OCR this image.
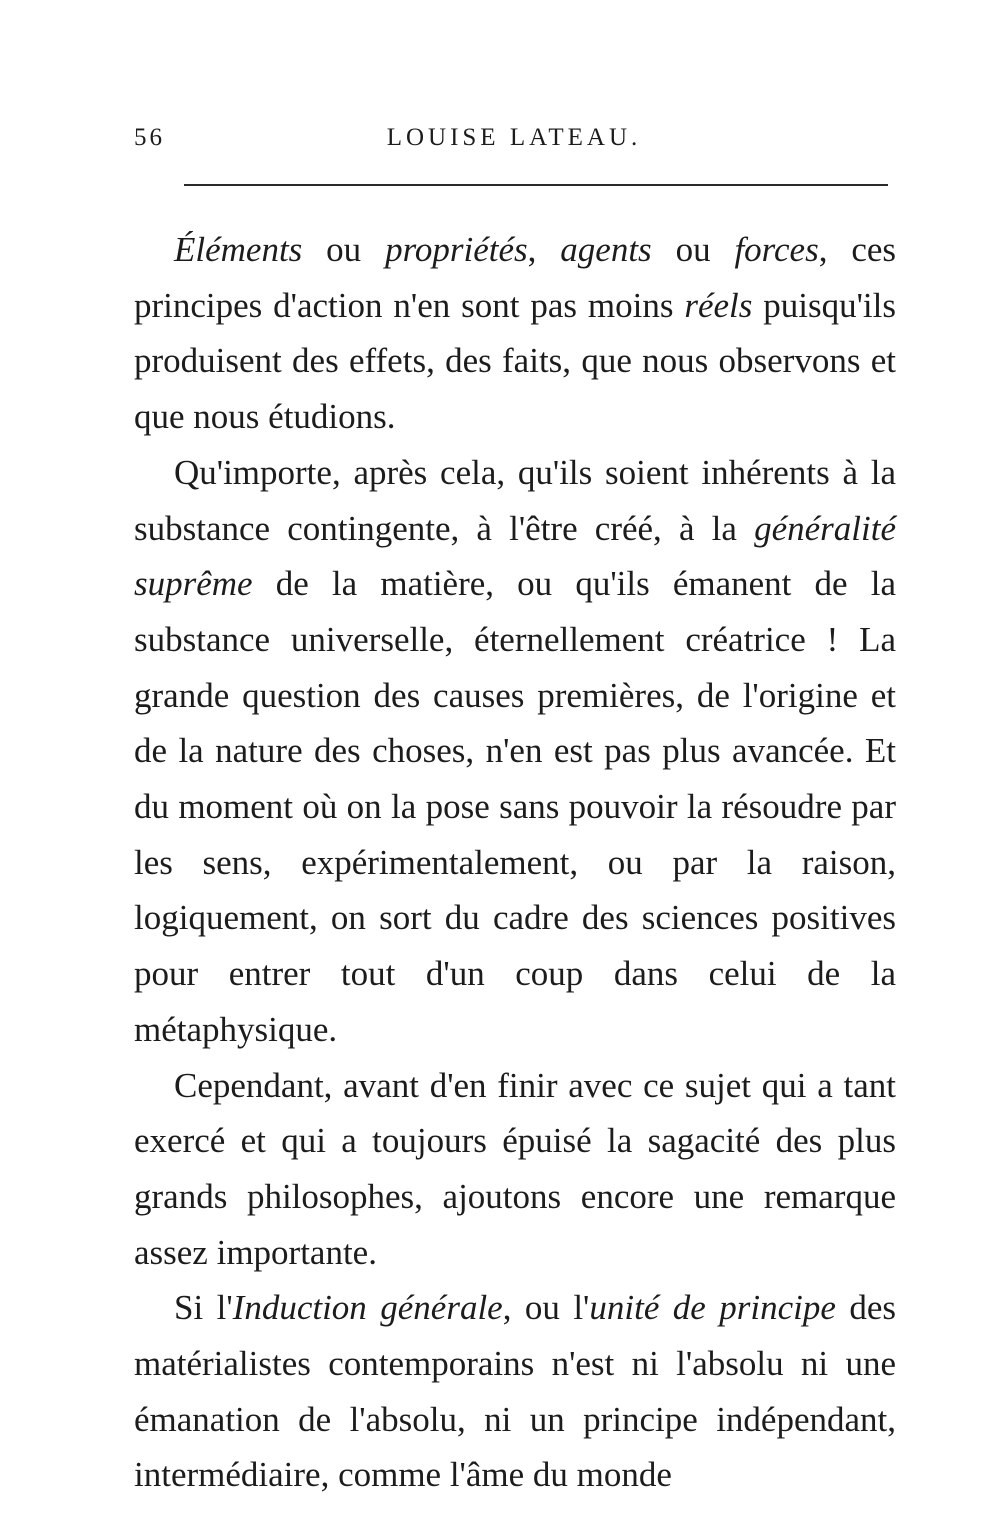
56	LOUISE LATEAU.

Éléments ou propriétés, agents ou forces, ces principes d'action n'en sont pas moins réels puisqu'ils produisent des effets, des faits, que nous observons et que nous étudions.

Qu'importe, après cela, qu'ils soient inhérents à la substance contingente, à l'être créé, à la généralité suprême de la matière, ou qu'ils émanent de la substance universelle, éternellement créatrice ! La grande question des causes premières, de l'origine et de la nature des choses, n'en est pas plus avancée. Et du moment où on la pose sans pouvoir la résoudre par les sens, expérimentalement, ou par la raison, logiquement, on sort du cadre des sciences positives pour entrer tout d'un coup dans celui de la métaphysique.

Cependant, avant d'en finir avec ce sujet qui a tant exercé et qui a toujours épuisé la sagacité des plus grands philosophes, ajoutons encore une remarque assez importante.

Si l'Induction générale, ou l'unité de principe des matérialistes contemporains n'est ni l'absolu ni une émanation de l'absolu, ni un principe indépendant, intermédiaire, comme l'âme du monde
